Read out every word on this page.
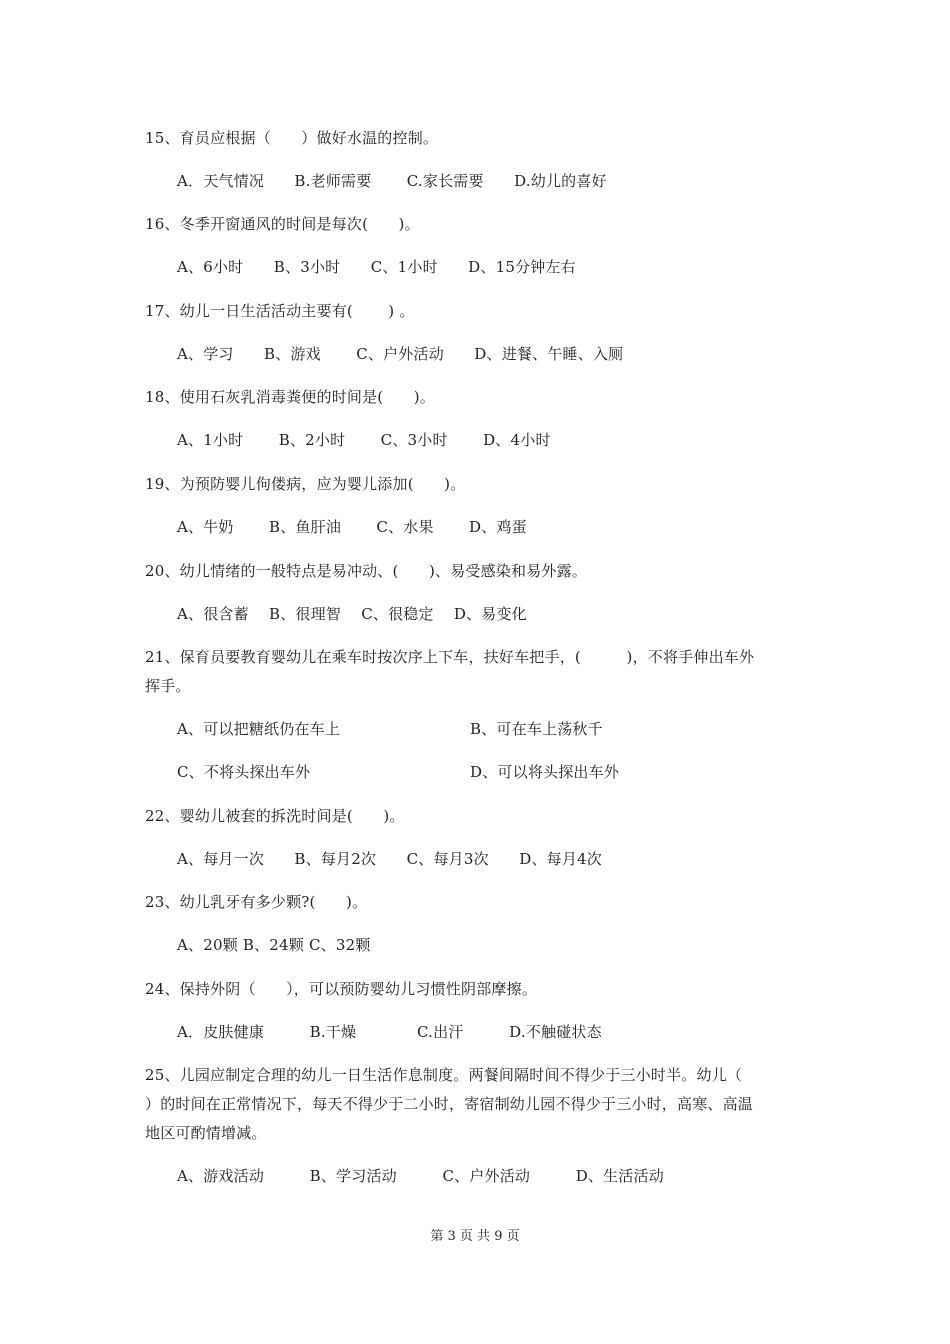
15、育员应根据（　　）做好水温的控制。
A．天气情况　　B.老师需要　　 C.家长需要　　D.幼儿的喜好
16、冬季开窗通风的时间是每次(　　)。
A、6小时　　B、3小时　　C、1小时　　D、15分钟左右
17、幼儿一日生活活动主要有(　　 ) 。
A、学习　　B、游戏　　 C、户外活动　　D、进餐、午睡、入厕
18、使用石灰乳消毒粪便的时间是(　　)。
A、1小时　　 B、2小时　　 C、3小时　　 D、4小时
19、为预防婴儿佝偻病，应为婴儿添加(　　)。
A、牛奶　　 B、鱼肝油　　 C、水果　　 D、鸡蛋
20、幼儿情绪的一般特点是易冲动、(　　)、易受感染和易外露。
A、很含蓄　 B、很理智　 C、很稳定　 D、易变化
21、保育员要教育婴幼儿在乘车时按次序上下车，扶好车把手，(　　　)，不将手伸出车外
挥手。
A、可以把糖纸仍在车上	B、可在车上荡秋千
C、不将头探出车外	D、可以将头探出车外
22、婴幼儿被套的拆洗时间是(　　)。
A、每月一次　　B、每月2次　　C、每月3次　　D、每月4次
23、幼儿乳牙有多少颗?(　　)。
A、20颗 B、24颗 C、32颗
24、保持外阴（　　），可以预防婴幼儿习惯性阴部摩擦。
A．皮肤健康　　　B.干燥　　　　C.出汗　　　D.不触碰状态
25、儿园应制定合理的幼儿一日生活作息制度。两餐间隔时间不得少于三小时半。幼儿（
）的时间在正常情况下，每天不得少于二小时，寄宿制幼儿园不得少于三小时，高寒、高温
地区可酌情增减。
A、游戏活动　　　B、学习活动　　　C、户外活动　　　D、生活活动
第 3 页 共 9 页
